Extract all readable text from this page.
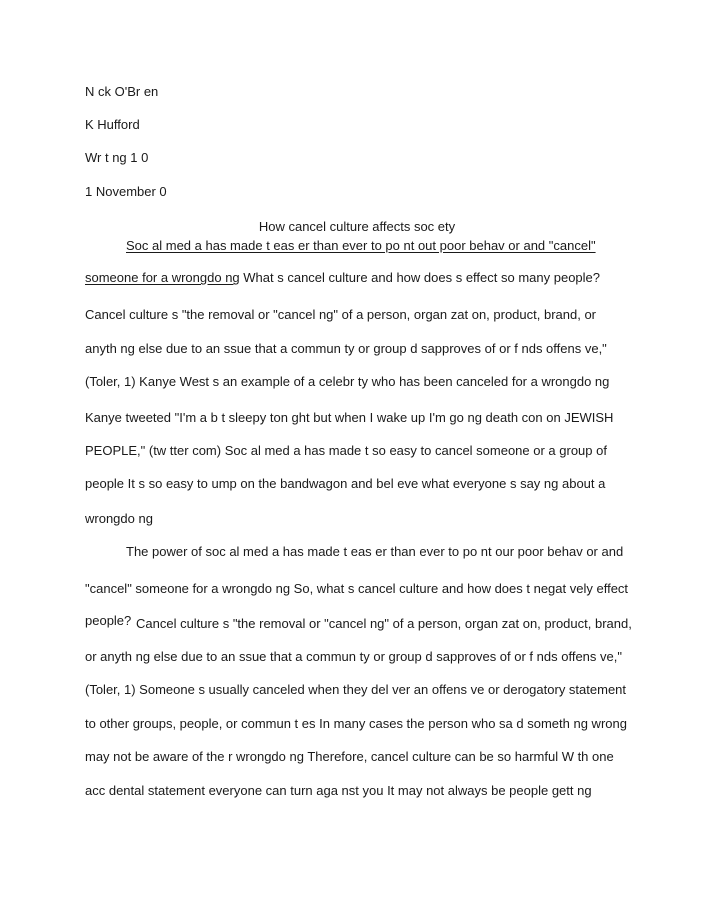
N ck O'Br en

K Hufford

Wr t ng 1 0

1 November 0

How cancel culture affects soc ety

Soc al med a has made t eas er than ever to po nt out poor behav or and "cancel"

someone for a wrongdo ng What s cancel culture and how does s effect so many people?

Cancel culture s "the removal or "cancel ng" of a person, organ zat on, product, brand, or

anyth ng else due to an ssue that a commun ty or group d sapproves of or f nds offens ve,"

(Toler, 1) Kanye West s an example of a celebr ty who has been canceled for a wrongdo ng

Kanye tweeted "I'm a b t sleepy ton ght but when I wake up I'm go ng death con on JEWISH

PEOPLE," (tw tter com) Soc al med a has made t so easy to cancel someone or a group of

people It s so easy to ump on the bandwagon and bel eve what everyone s say ng about a

wrongdo ng

The power of soc al med a has made t eas er than ever to po nt our poor behav or and

"cancel" someone for a wrongdo ng So, what s cancel culture and how does t negat vely effect

people? Cancel culture s "the removal or "cancel ng" of a person, organ zat on, product, brand,

or anyth ng else due to an ssue that a commun ty or group d sapproves of or f nds offens ve,"

(Toler, 1) Someone s usually canceled when they del ver an offens ve or derogatory statement

to other groups, people, or commun t es In many cases the person who sa d someth ng wrong

may not be aware of the r wrongdo ng Therefore, cancel culture can be so harmful W th one

acc dental statement everyone can turn aga nst you It may not always be people gett ng
